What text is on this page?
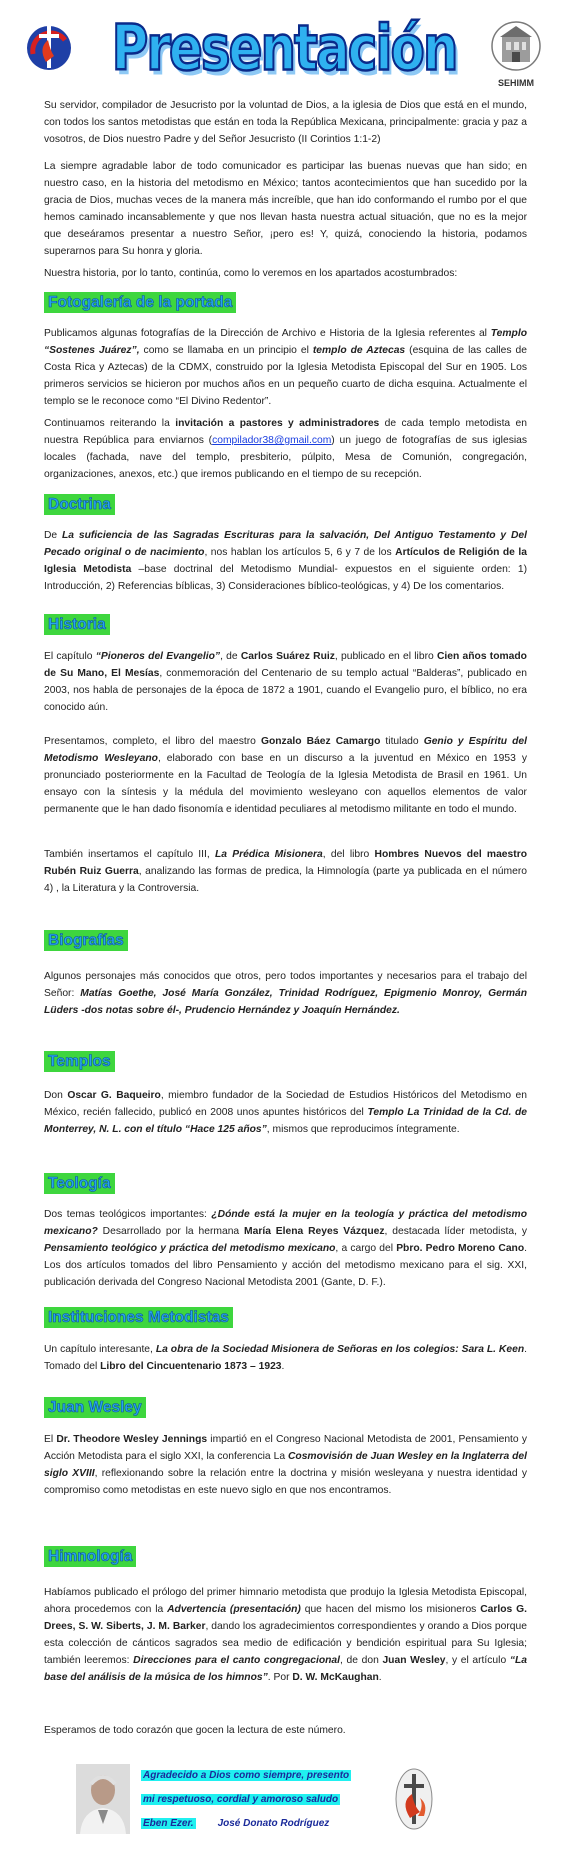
Presentación	SEHIMM

Su servidor, compilador de Jesucristo por la voluntad de Dios, a la iglesia de Dios que está en el mundo, con todos los santos metodistas que están en toda la República Mexicana, principalmente: gracia y paz a vosotros, de Dios nuestro Padre y del Señor Jesucristo (II Corintios 1:1-2)

La siempre agradable labor de todo comunicador es participar las buenas nuevas que han sido; en nuestro caso, en la historia del metodismo en México; tantos acontecimientos que han sucedido por la gracia de Dios, muchas veces de la manera más increíble, que han ido conformando el rumbo por el que hemos caminado incansablemente y que nos llevan hasta nuestra actual situación, que no es la mejor que deseáramos presentar a nuestro Señor, ¡pero es! Y, quizá, conociendo la historia, podamos superarnos para Su honra y gloria.

Nuestra historia, por lo tanto, continúa, como lo veremos en los apartados acostumbrados:

Fotogalería de la portada

Publicamos algunas fotografías de la Dirección de Archivo e Historia de la Iglesia referentes al Templo “Sostenes Juárez”, como se llamaba en un principio el templo de Aztecas (esquina de las calles de Costa Rica y Aztecas) de la CDMX, construido por la Iglesia Metodista Episcopal del Sur en 1905. Los primeros servicios se hicieron por muchos años en un pequeño cuarto de dicha esquina. Actualmente el templo se le reconoce como “El Divino Redentor”.

Continuamos reiterando la invitación a pastores y administradores de cada templo metodista en nuestra República para enviarnos (compilador38@gmail.com) un juego de fotografías de sus iglesias locales (fachada, nave del templo, presbiterio, púlpito, Mesa de Comunión, congregación, organizaciones, anexos, etc.) que iremos publicando en el tiempo de su recepción.

Doctrina

De La suficiencia de las Sagradas Escrituras para la salvación, Del Antiguo Testamento y Del Pecado original o de nacimiento, nos hablan los artículos 5, 6 y 7 de los Artículos de Religión de la Iglesia Metodista –base doctrinal del Metodismo Mundial- expuestos en el siguiente orden: 1) Introducción, 2) Referencias bíblicas, 3) Consideraciones bíblico-teológicas, y 4) De los comentarios.

Historia

El capítulo “Pioneros del Evangelio”, de Carlos Suárez Ruiz, publicado en el libro Cien años tomado de Su Mano, El Mesías, conmemoración del Centenario de su templo actual “Balderas”, publicado en 2003, nos habla de personajes de la época de 1872 a 1901, cuando el Evangelio puro, el bíblico, no era conocido aún.

Presentamos, completo, el libro del maestro Gonzalo Báez Camargo titulado Genio y Espíritu del Metodismo Wesleyano, elaborado con base en un discurso a la juventud en México en 1953 y pronunciado posteriormente en la Facultad de Teología de la Iglesia Metodista de Brasil en 1961. Un ensayo con la síntesis y la médula del movimiento wesleyano con aquellos elementos de valor permanente que le han dado fisonomía e identidad peculiares al metodismo militante en todo el mundo.

También insertamos el capítulo III, La Prédica Misionera, del libro Hombres Nuevos del maestro Rubén Ruiz Guerra, analizando las formas de predica, la Himnología (parte ya publicada en el número 4) , la Literatura y la Controversia.

Biografías

Algunos personajes más conocidos que otros, pero todos importantes y necesarios para el trabajo del Señor: Matías Goethe, José María González, Trinidad Rodríguez, Epigmenio Monroy, Germán Lüders -dos notas sobre él-, Prudencio Hernández y Joaquín Hernández.

Templos

Don Oscar G. Baqueiro, miembro fundador de la Sociedad de Estudios Históricos del Metodismo en México, recién fallecido, publicó en 2008 unos apuntes históricos del Templo La Trinidad de la Cd. de Monterrey, N. L. con el título “Hace 125 años”, mismos que reproducimos íntegramente.

Teología

Dos temas teológicos importantes: ¿Dónde está la mujer en la teología y práctica del metodismo mexicano? Desarrollado por la hermana María Elena Reyes Vázquez, destacada líder metodista, y Pensamiento teológico y práctica del metodismo mexicano, a cargo del Pbro. Pedro Moreno Cano. Los dos artículos tomados del libro Pensamiento y acción del metodismo mexicano para el sig. XXI, publicación derivada del Congreso Nacional Metodista 2001 (Gante, D. F.).

Instituciones Metodistas

Un capítulo interesante, La obra de la Sociedad Misionera de Señoras en los colegios: Sara L. Keen. Tomado del Libro del Cincuentenario 1873 – 1923.

Juan Wesley

El Dr. Theodore Wesley Jennings impartió en el Congreso Nacional Metodista de 2001, Pensamiento y Acción Metodista para el siglo XXI, la conferencia La Cosmovisión de Juan Wesley en la Inglaterra del siglo XVIII, reflexionando sobre la relación entre la doctrina y misión wesleyana y nuestra identidad y compromiso como metodistas en este nuevo siglo en que nos encontramos.

Himnología

Habíamos publicado el prólogo del primer himnario metodista que produjo la Iglesia Metodista Episcopal, ahora procedemos con la Advertencia (presentación) que hacen del mismo los misioneros Carlos G. Drees, S. W. Siberts, J. M. Barker, dando los agradecimientos correspondientes y orando a Dios porque esta colección de cánticos sagrados sea medio de edificación y bendición espiritual para Su Iglesia; también leeremos: Direcciones para el canto congregacional, de don Juan Wesley, y el artículo “La base del análisis de la música de los himnos”. Por D. W. McKaughan.

Esperamos de todo corazón que gocen la lectura de este número.

Agradecido a Dios como siempre, presento
mi respetuoso, cordial y amoroso saludo
Eben Ezer. José Donato Rodríguez
